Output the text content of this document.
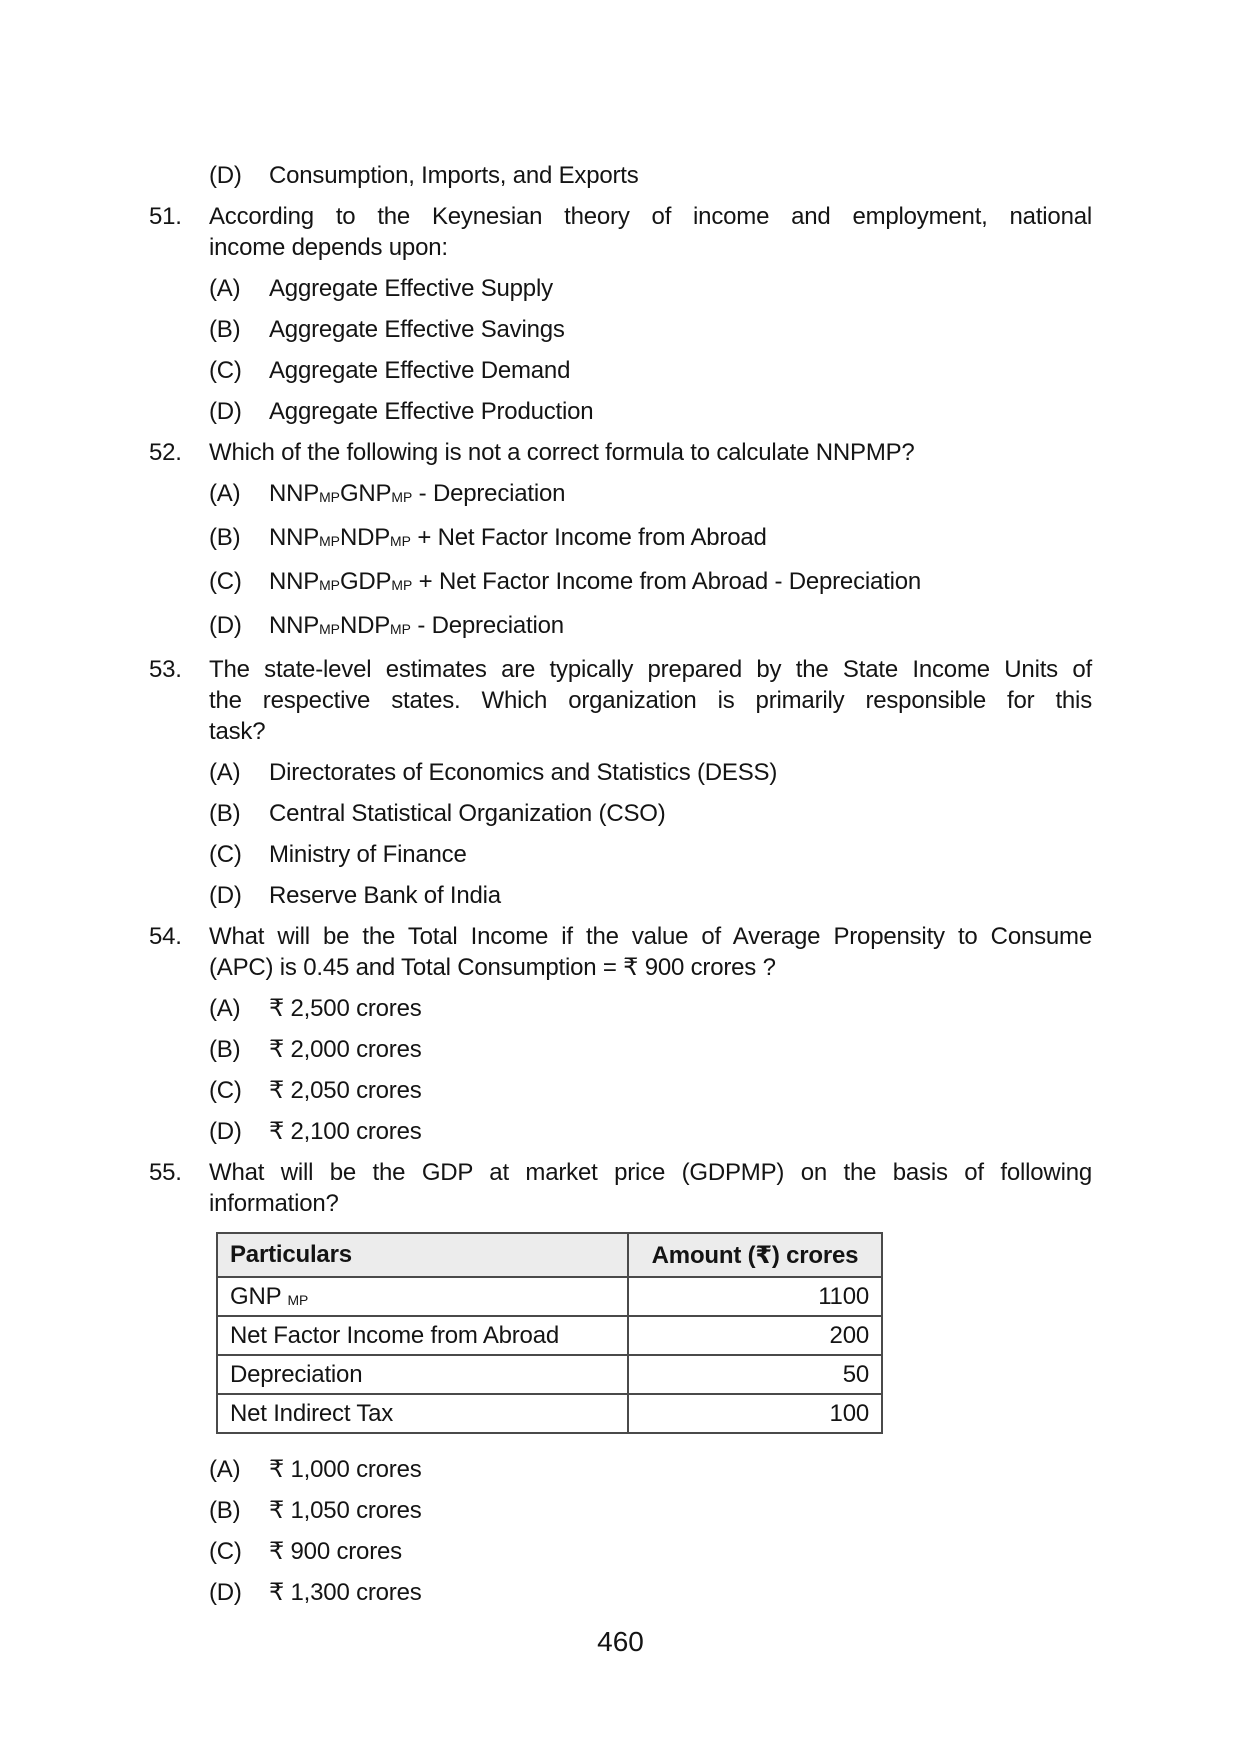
(D)	Consumption, Imports, and Exports
51.	According to the Keynesian theory of income and employment, national
income depends upon:
(A)	Aggregate Effective Supply
(B)	Aggregate Effective Savings
(C)	Aggregate Effective Demand
(D)	Aggregate Effective Production
52.	Which of the following is not a correct formula to calculate NNPMP?
(A)	NNPMPGNPMP - Depreciation
(B)	NNPMPNDPMP + Net Factor Income from Abroad
(C)	NNPMPGDPMP + Net Factor Income from Abroad - Depreciation
(D)	NNPMPNDPMP - Depreciation
53.	The state-level estimates are typically prepared by the State Income Units of
the respective states. Which organization is primarily responsible for this
task?
(A)	Directorates of Economics and Statistics (DESS)
(B)	Central Statistical Organization (CSO)
(C)	Ministry of Finance
(D)	Reserve Bank of India
54.	What will be the Total Income if the value of Average Propensity to Consume
(APC) is 0.45 and Total Consumption = ₹ 900 crores ?
(A)	₹ 2,500 crores
(B)	₹ 2,000 crores
(C)	₹ 2,050 crores
(D)	₹ 2,100 crores
55.	What will be the GDP at market price (GDPMP) on the basis of following
information?
Particulars	Amount (₹) crores
GNP MP	1100
Net Factor Income from Abroad	200
Depreciation	50
Net Indirect Tax	100
(A)	₹ 1,000 crores
(B)	₹ 1,050 crores
(C)	₹ 900 crores
(D)	₹ 1,300 crores
460
